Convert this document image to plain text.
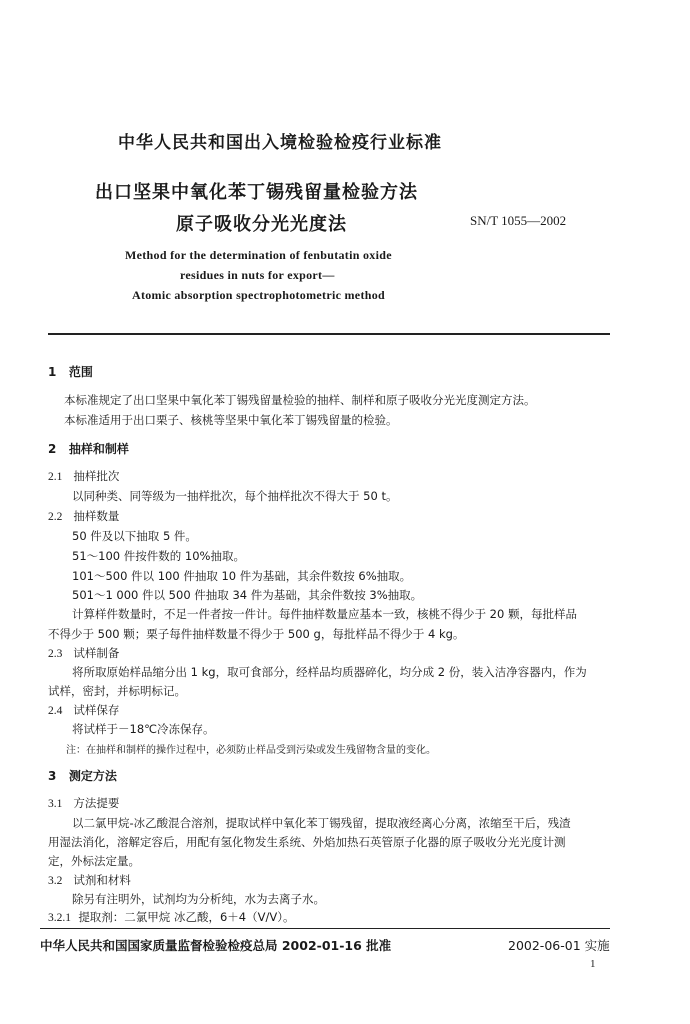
中华人民共和国出入境检验检疫行业标准
出口坚果中氧化苯丁锡残留量检验方法
原子吸收分光光度法	SN/T 1055—2002
Method for the determination of fenbutatin oxide
residues in nuts for export—
Atomic absorption spectrophotometric method
1 范围
本标准规定了出口坚果中氧化苯丁锡残留量检验的抽样、制样和原子吸收分光光度测定方法。
本标准适用于出口栗子、核桃等坚果中氧化苯丁锡残留量的检验。
2 抽样和制样
2.1 抽样批次
以同种类、同等级为一抽样批次，每个抽样批次不得大于 50 t。
2.2 抽样数量
50 件及以下抽取 5 件。
51～100 件按件数的 10%抽取。
101～500 件以 100 件抽取 10 件为基础，其余件数按 6%抽取。
501～1 000 件以 500 件抽取 34 件为基础，其余件数按 3%抽取。
计算样件数量时，不足一件者按一件计。每件抽样数量应基本一致，核桃不得少于 20 颗，每批样品
不得少于 500 颗；栗子每件抽样数量不得少于 500 g，每批样品不得少于 4 kg。
2.3 试样制备
将所取原始样品缩分出 1 kg，取可食部分，经样品均质器碎化，均分成 2 份，装入洁净容器内，作为
试样，密封，并标明标记。
2.4 试样保存
将试样于－18℃冷冻保存。
注：在抽样和制样的操作过程中，必须防止样品受到污染或发生残留物含量的变化。
3 测定方法
3.1 方法提要
以二氯甲烷-冰乙酸混合溶剂，提取试样中氧化苯丁锡残留，提取液经离心分离，浓缩至干后，残渣
用湿法消化，溶解定容后，用配有氢化物发生系统、外焰加热石英管原子化器的原子吸收分光光度计测
定，外标法定量。
3.2 试剂和材料
除另有注明外，试剂均为分析纯，水为去离子水。
3.2.1 提取剂：二氯甲烷 冰乙酸，6＋4（V/V）。
中华人民共和国国家质量监督检验检疫总局 2002-01-16 批准	2002-06-01 实施
1
